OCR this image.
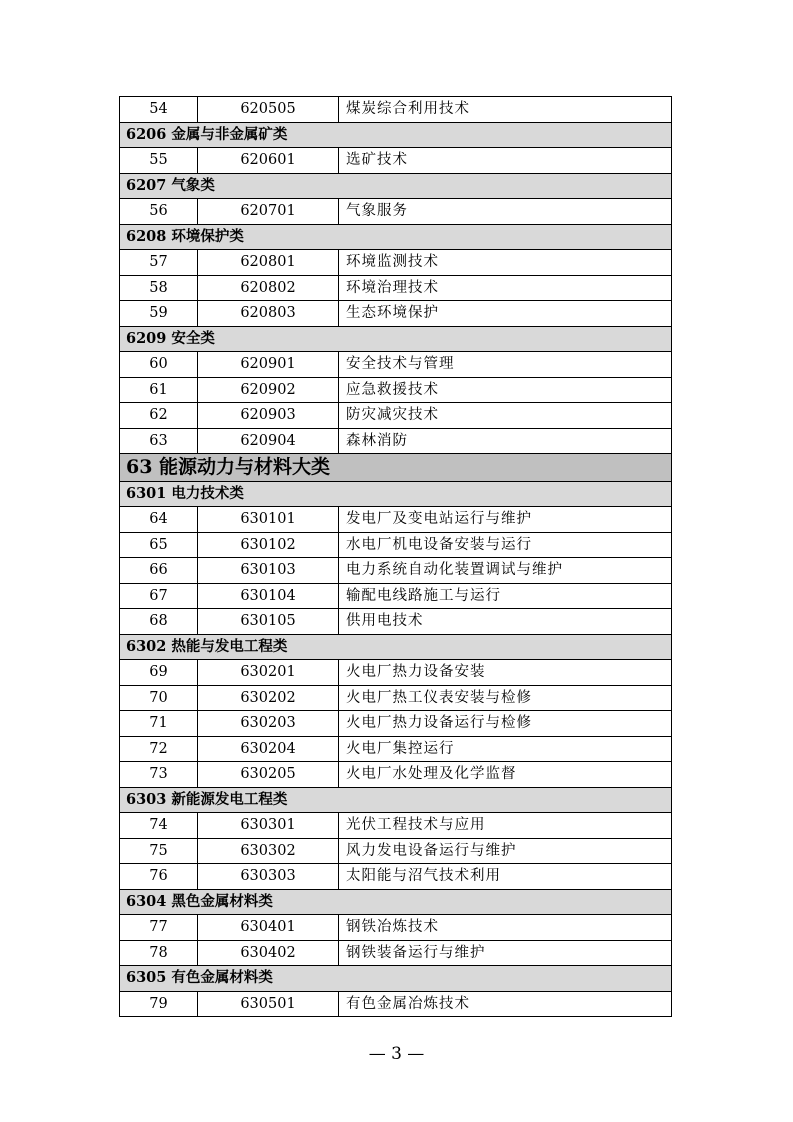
54	620505	煤炭综合利用技术
6206 金属与非金属矿类		
55	620601	选矿技术
6207 气象类		
56	620701	气象服务
6208 环境保护类		
57	620801	环境监测技术
58	620802	环境治理技术
59	620803	生态环境保护
6209 安全类		
60	620901	安全技术与管理
61	620902	应急救援技术
62	620903	防灾减灾技术
63	620904	森林消防
63 能源动力与材料大类		
6301 电力技术类		
64	630101	发电厂及变电站运行与维护
65	630102	水电厂机电设备安装与运行
66	630103	电力系统自动化装置调试与维护
67	630104	输配电线路施工与运行
68	630105	供用电技术
6302 热能与发电工程类		
69	630201	火电厂热力设备安装
70	630202	火电厂热工仪表安装与检修
71	630203	火电厂热力设备运行与检修
72	630204	火电厂集控运行
73	630205	火电厂水处理及化学监督
6303 新能源发电工程类		
74	630301	光伏工程技术与应用
75	630302	风力发电设备运行与维护
76	630303	太阳能与沼气技术利用
6304 黑色金属材料类		
77	630401	钢铁冶炼技术
78	630402	钢铁装备运行与维护
6305 有色金属材料类		
79	630501	有色金属冶炼技术
— 3 —
